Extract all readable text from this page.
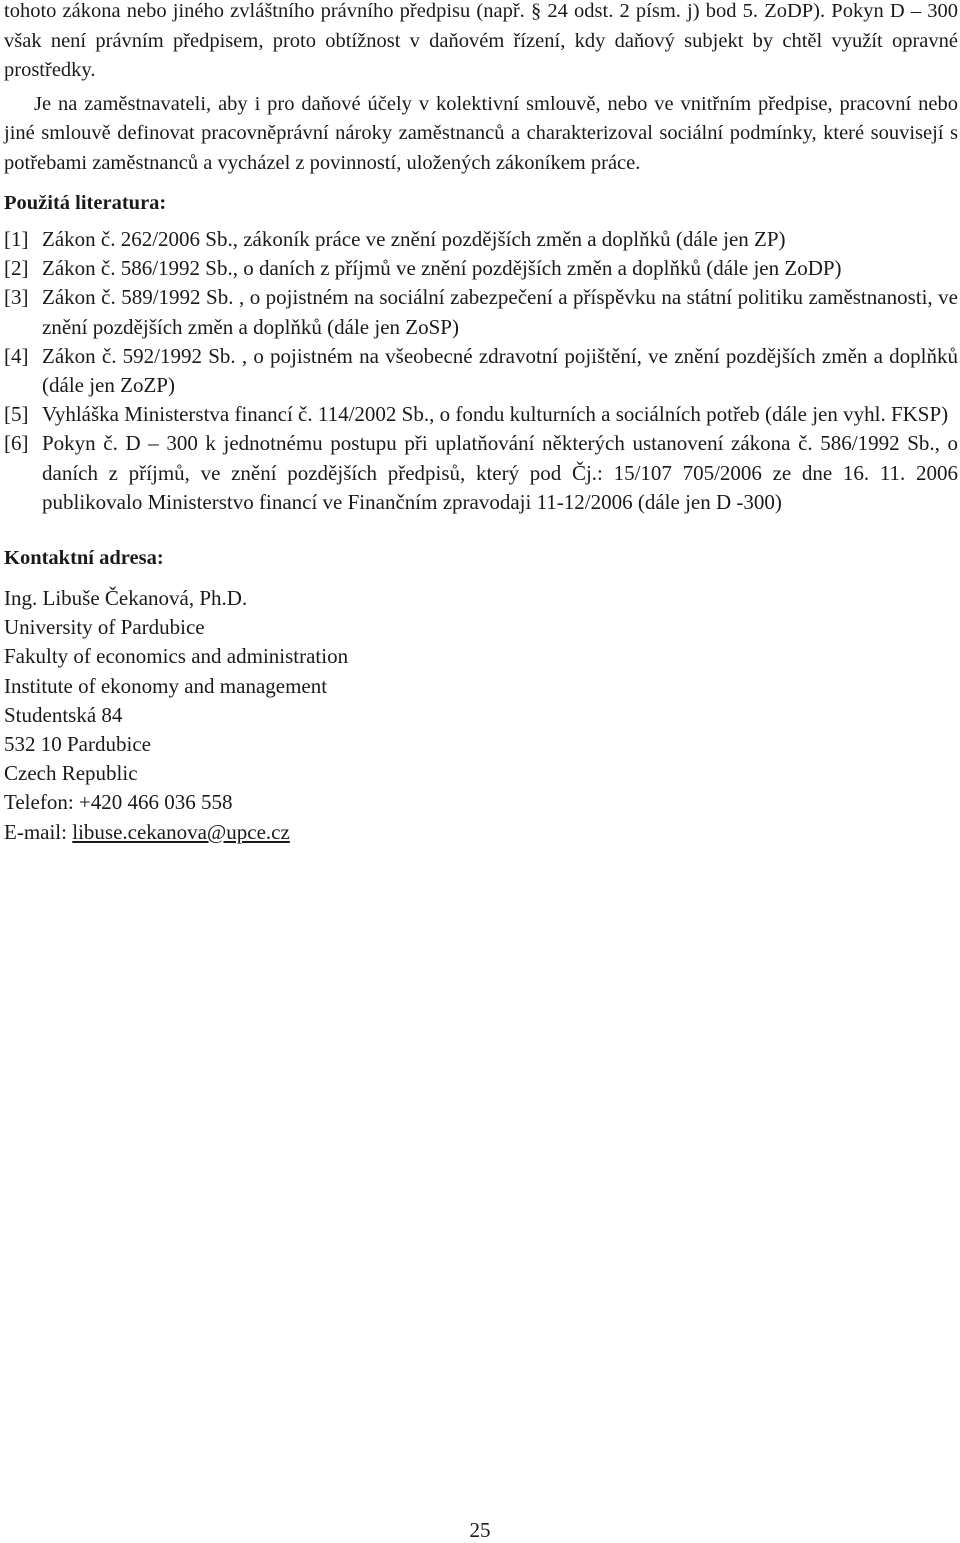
tohoto zákona nebo jiného zvláštního právního předpisu (např. § 24 odst. 2 písm. j) bod 5. ZoDP). Pokyn D – 300 však není právním předpisem, proto obtížnost v daňovém řízení, kdy daňový subjekt by chtěl využít opravné prostředky.

Je na zaměstnavateli, aby i pro daňové účely v kolektivní smlouvě, nebo ve vnitřním předpise, pracovní nebo jiné smlouvě definovat pracovněprávní nároky zaměstnanců a charakterizoval sociální podmínky, které souvisejí s potřebami zaměstnanců a vycházel z povinností, uložených zákoníkem práce.

Použitá literatura:

[1] Zákon č. 262/2006 Sb., zákoník práce ve znění pozdějších změn a doplňků (dále jen ZP)
[2] Zákon č. 586/1992 Sb., o daních z příjmů ve znění pozdějších změn a doplňků (dále jen ZoDP)
[3] Zákon č. 589/1992 Sb. , o pojistném na sociální zabezpečení a příspěvku na státní politiku zaměstnanosti, ve znění pozdějších změn a doplňků (dále jen ZoSP)
[4] Zákon č. 592/1992 Sb. , o pojistném na všeobecné zdravotní pojištění, ve znění pozdějších změn a doplňků (dále jen ZoZP)
[5] Vyhláška Ministerstva financí č. 114/2002 Sb., o fondu kulturních a sociálních potřeb (dále jen vyhl. FKSP)
[6] Pokyn č. D – 300 k jednotnému postupu při uplatňování některých ustanovení zákona č. 586/1992 Sb., o daních z příjmů, ve znění pozdějších předpisů, který pod Čj.: 15/107 705/2006 ze dne 16. 11. 2006 publikovalo Ministerstvo financí ve Finančním zpravodaji 11-12/2006 (dále jen D -300)

Kontaktní adresa:

Ing. Libuše Čekanová, Ph.D.

University of Pardubice

Fakulty of economics and administration

Institute of ekonomy and management

Studentská 84

532 10 Pardubice

Czech Republic

Telefon: +420 466 036 558

E-mail: libuse.cekanova@upce.cz

25
